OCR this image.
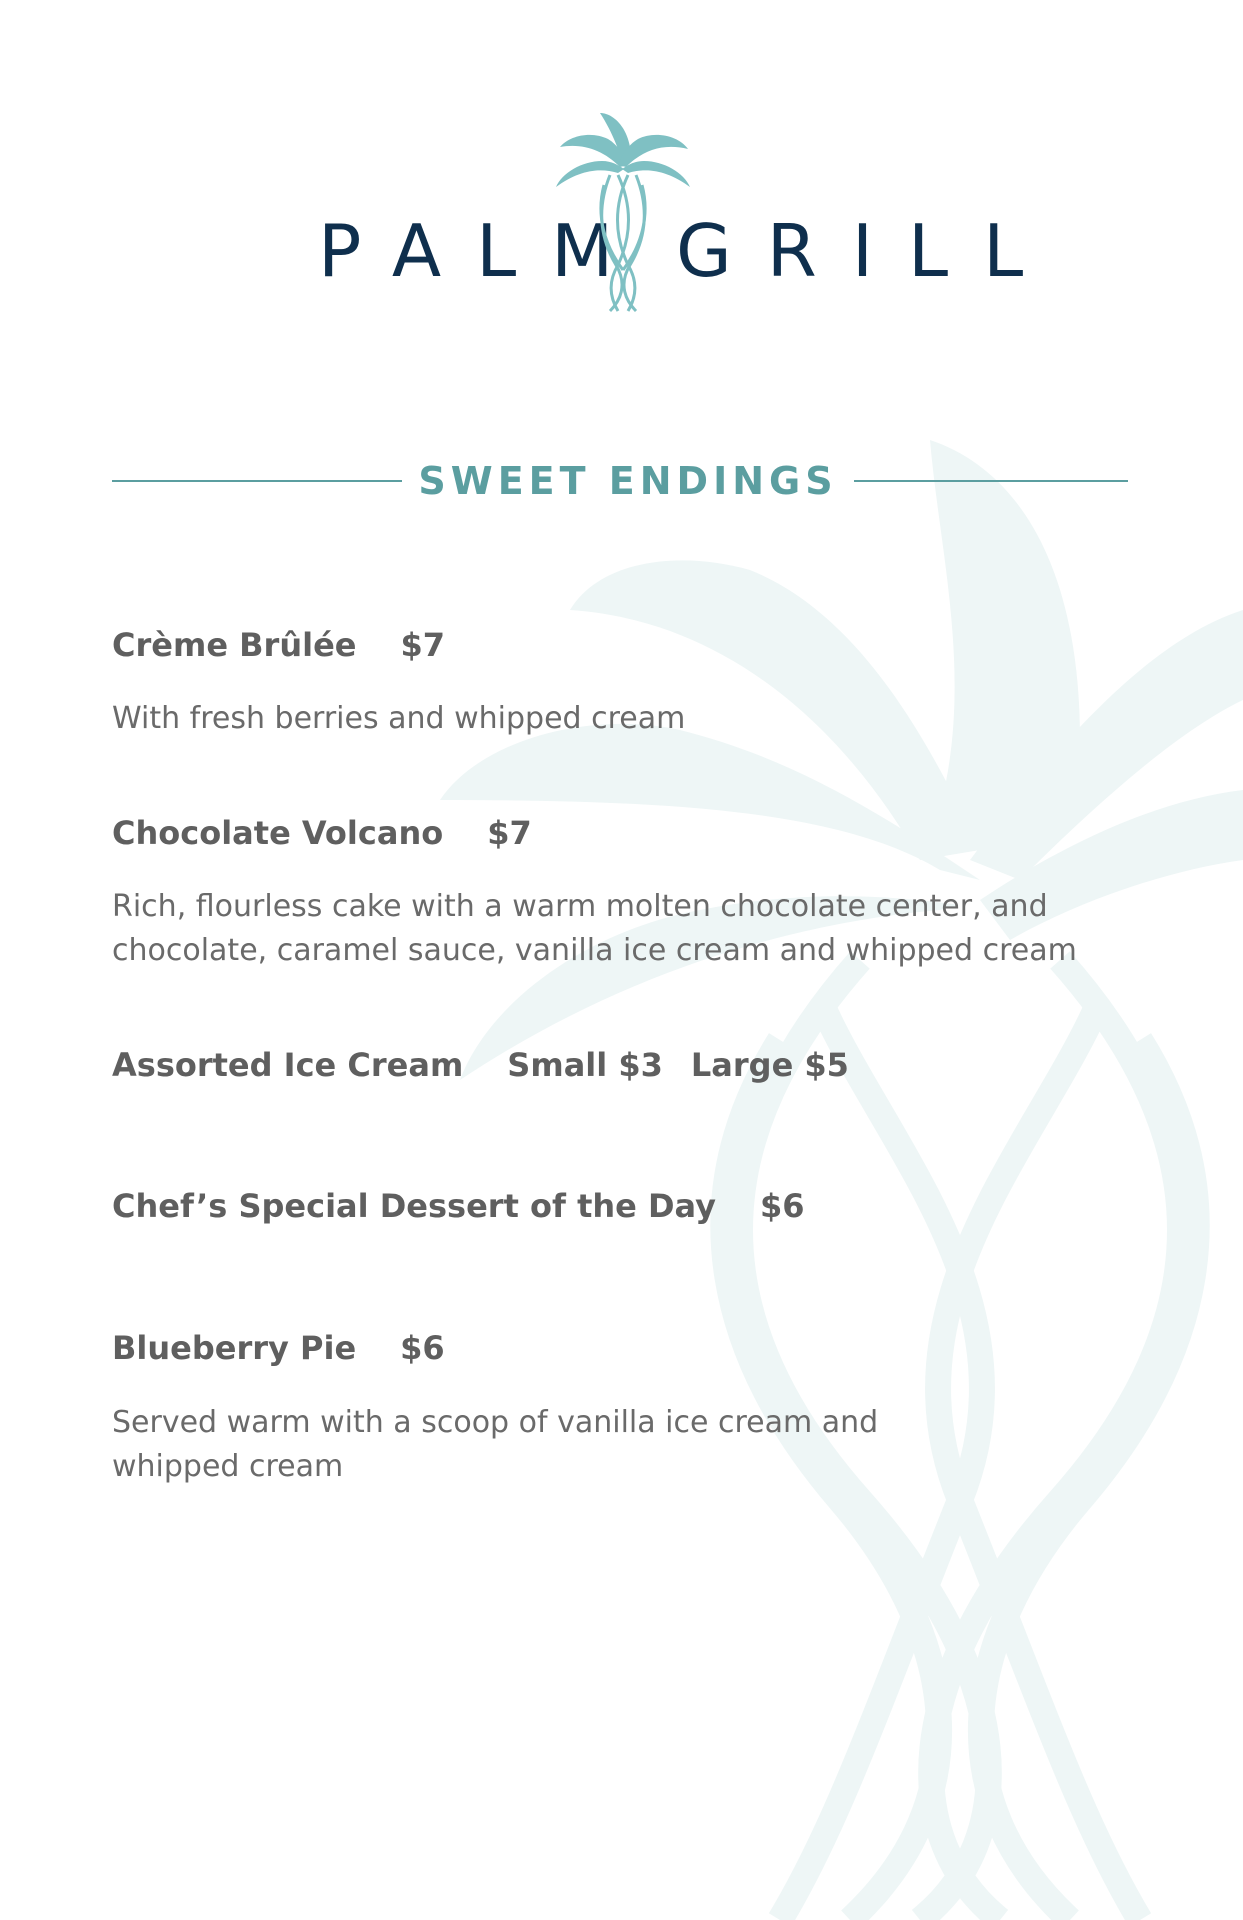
PALM GRILL
SWEET ENDINGS
Crème Brûlée $7
With fresh berries and whipped cream
Chocolate Volcano $7
Rich, flourless cake with a warm molten chocolate center, and
chocolate, caramel sauce, vanilla ice cream and whipped cream
Assorted Ice Cream Small $3 Large $5
Chef’s Special Dessert of the Day $6
Blueberry Pie $6
Served warm with a scoop of vanilla ice cream and
whipped cream
